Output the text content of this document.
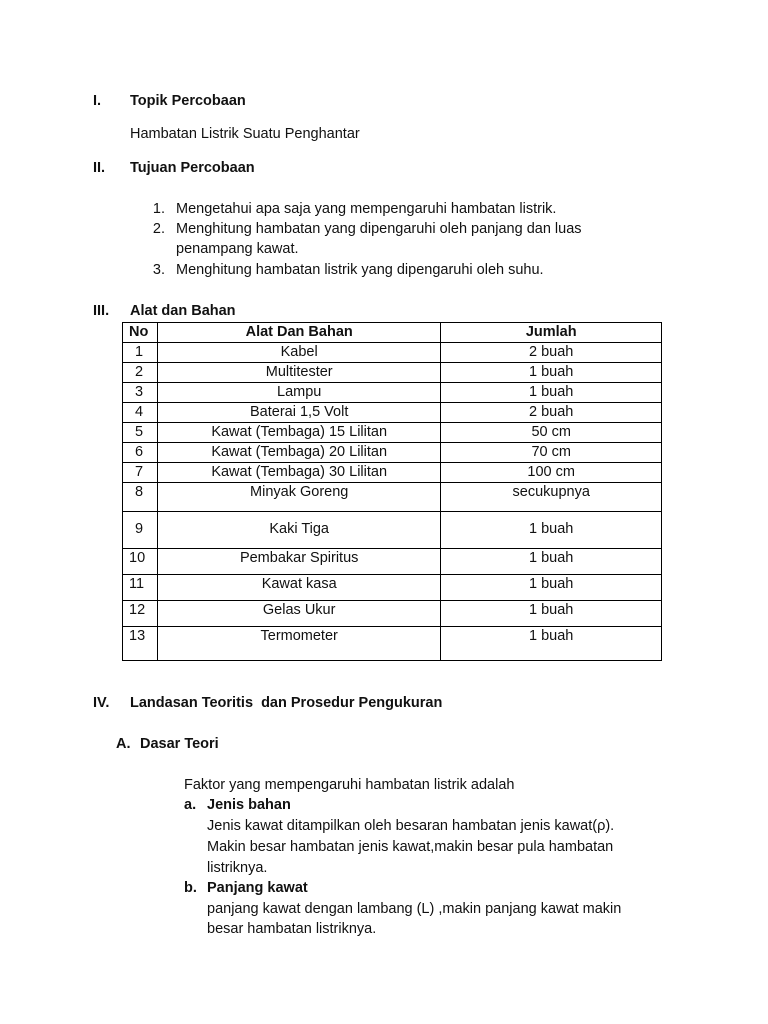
I. Topik Percobaan
Hambatan Listrik Suatu Penghantar
II. Tujuan Percobaan
1. Mengetahui apa saja yang mempengaruhi hambatan listrik.
2. Menghitung hambatan yang dipengaruhi oleh panjang dan luas
penampang kawat.
3. Menghitung hambatan listrik yang dipengaruhi oleh suhu.
III. Alat dan Bahan
No	Alat Dan Bahan	Jumlah
1	Kabel	2 buah
2	Multitester	1 buah
3	Lampu	1 buah
4	Baterai 1,5 Volt	2 buah
5	Kawat (Tembaga) 15 Lilitan	50 cm
6	Kawat (Tembaga) 20 Lilitan	70 cm
7	Kawat (Tembaga) 30 Lilitan	100 cm
8	Minyak Goreng	secukupnya
9	Kaki Tiga	1 buah
10	Pembakar Spiritus	1 buah
11	Kawat kasa	1 buah
12	Gelas Ukur	1 buah
13	Termometer	1 buah
IV. Landasan Teoritis  dan Prosedur Pengukuran
A. Dasar Teori
Faktor yang mempengaruhi hambatan listrik adalah
a. Jenis bahan
Jenis kawat ditampilkan oleh besaran hambatan jenis kawat(ρ).
Makin besar hambatan jenis kawat,makin besar pula hambatan
listriknya.
b. Panjang kawat
panjang kawat dengan lambang (L) ,makin panjang kawat makin
besar hambatan listriknya.
